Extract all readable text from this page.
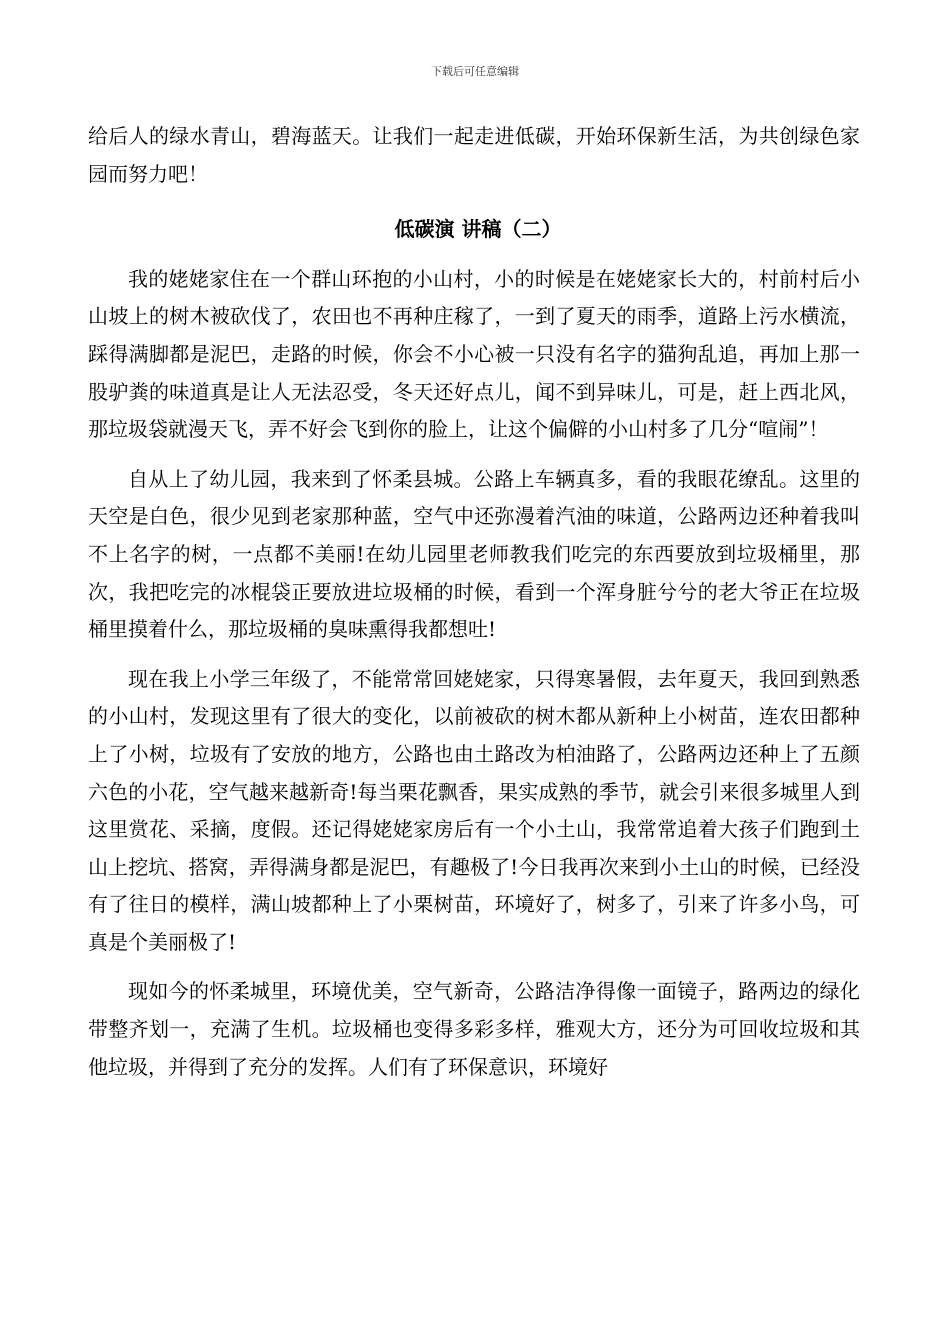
下载后可任意编辑

给后人的绿水青山，碧海蓝天。让我们一起走进低碳，开始环保新生活，为共创绿色家园而努力吧！

低碳演 讲稿（二）

我的姥姥家住在一个群山环抱的小山村，小的时候是在姥姥家长大的，村前村后小山坡上的树木被砍伐了，农田也不再种庄稼了，一到了夏天的雨季，道路上污水横流，踩得满脚都是泥巴，走路的时候，你会不小心被一只没有名字的猫狗乱追，再加上那一股驴粪的味道真是让人无法忍受，冬天还好点儿，闻不到异味儿，可是，赶上西北风，那垃圾袋就漫天飞，弄不好会飞到你的脸上，让这个偏僻的小山村多了几分“喧闹”！

自从上了幼儿园，我来到了怀柔县城。公路上车辆真多，看的我眼花缭乱。这里的天空是白色，很少见到老家那种蓝，空气中还弥漫着汽油的味道，公路两边还种着我叫不上名字的树，一点都不美丽!在幼儿园里老师教我们吃完的东西要放到垃圾桶里，那次，我把吃完的冰棍袋正要放进垃圾桶的时候，看到一个浑身脏兮兮的老大爷正在垃圾桶里摸着什么，那垃圾桶的臭味熏得我都想吐!

现在我上小学三年级了，不能常常回姥姥家，只得寒暑假，去年夏天，我回到熟悉的小山村，发现这里有了很大的变化，以前被砍的树木都从新种上小树苗，连农田都种上了小树，垃圾有了安放的地方，公路也由土路改为柏油路了，公路两边还种上了五颜六色的小花，空气越来越新奇!每当栗花飘香，果实成熟的季节，就会引来很多城里人到这里赏花、采摘，度假。还记得姥姥家房后有一个小土山，我常常追着大孩子们跑到土山上挖坑、搭窝，弄得满身都是泥巴，有趣极了!今日我再次来到小土山的时候，已经没有了往日的模样，满山坡都种上了小栗树苗，环境好了，树多了，引来了许多小鸟，可真是个美丽极了!

现如今的怀柔城里，环境优美，空气新奇，公路洁净得像一面镜子，路两边的绿化带整齐划一，充满了生机。垃圾桶也变得多彩多样，雅观大方，还分为可回收垃圾和其他垃圾，并得到了充分的发挥。人们有了环保意识，环境好
